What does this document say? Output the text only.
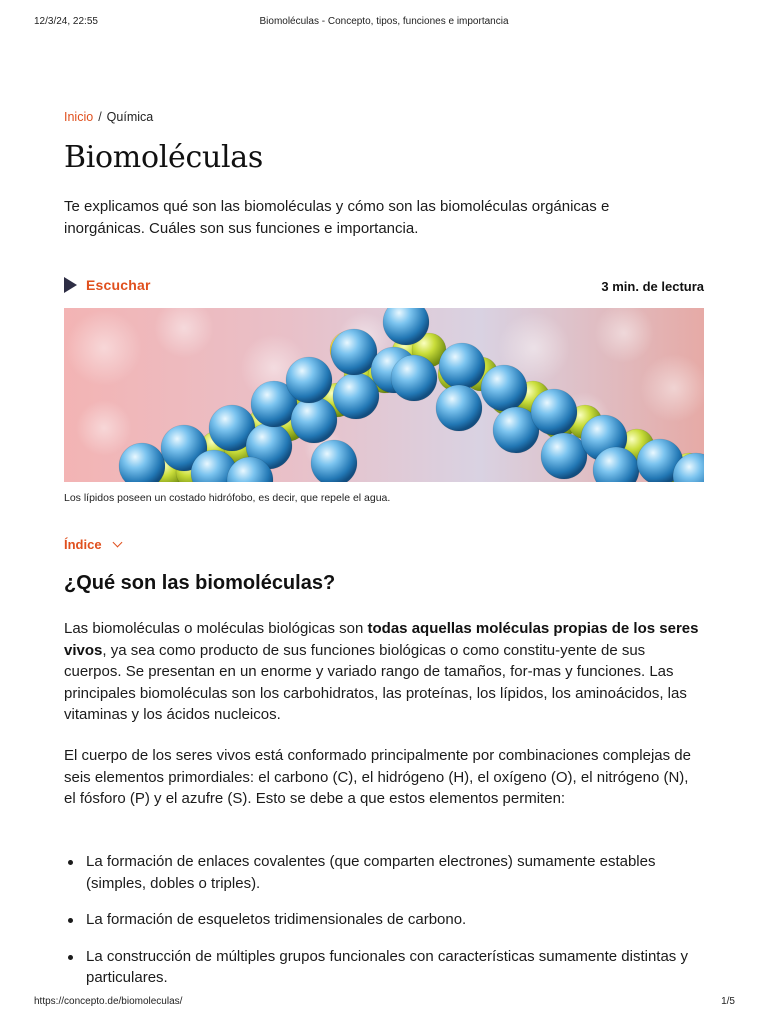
12/3/24, 22:55	Biomoléculas - Concepto, tipos, funciones e importancia
Inicio / Química
Biomoléculas

Te explicamos qué son las biomoléculas y cómo son las biomoléculas orgánicas e inorgánicas. Cuáles son sus funciones e importancia.

Escuchar	3 min. de lectura
Los lípidos poseen un costado hidrófobo, es decir, que repele el agua.
Índice
¿Qué son las biomoléculas?

Las biomoléculas o moléculas biológicas son todas aquellas moléculas propias de los seres vivos, ya sea como producto de sus funciones biológicas o como constitu-yente de sus cuerpos. Se presentan en un enorme y variado rango de tamaños, for-mas y funciones. Las principales biomoléculas son los carbohidratos, las proteínas, los lípidos, los aminoácidos, las vitaminas y los ácidos nucleicos.

El cuerpo de los seres vivos está conformado principalmente por combinaciones complejas de seis elementos primordiales: el carbono (C), el hidrógeno (H), el oxígeno (O), el nitrógeno (N), el fósforo (P) y el azufre (S). Esto se debe a que estos elementos permiten:

La formación de enlaces covalentes (que comparten electrones) sumamente estables (simples, dobles o triples).
La formación de esqueletos tridimensionales de carbono.
La construcción de múltiples grupos funcionales con características sumamente distintas y particulares.
https://concepto.de/biomoleculas/	1/5
